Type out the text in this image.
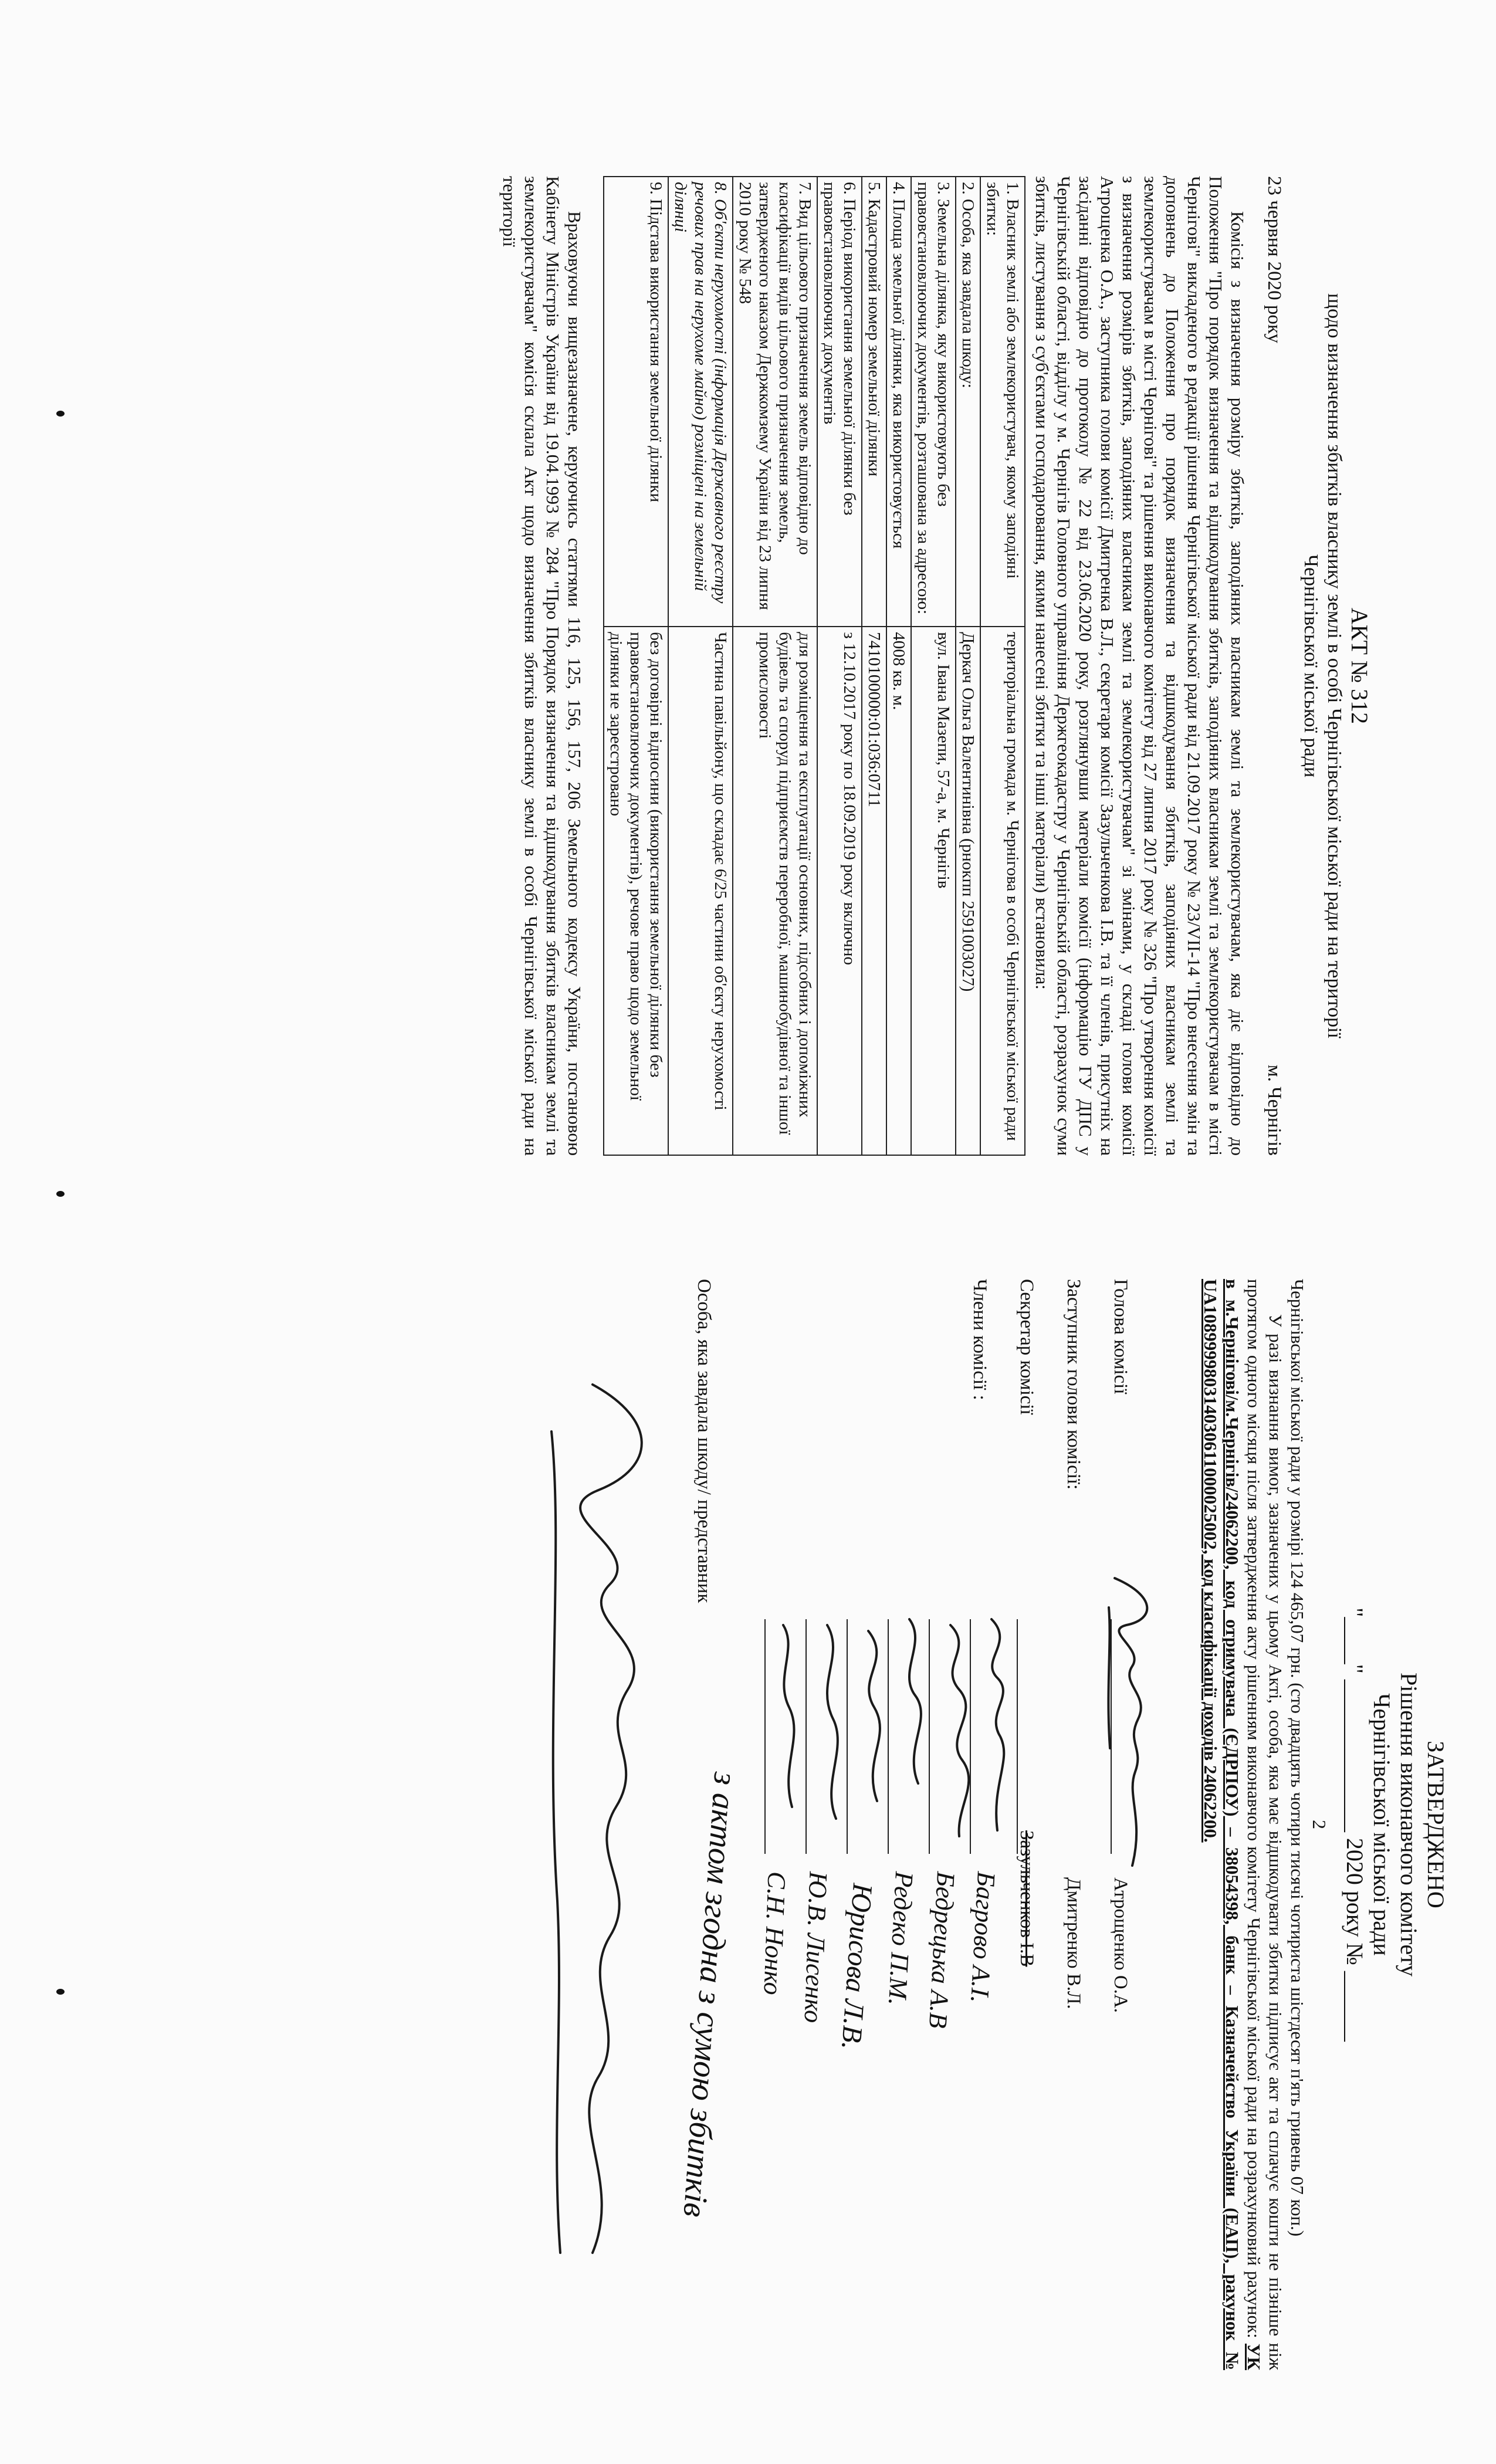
АКТ № 312
щодо визначення збитків власнику землі в особі Чернігівської міської ради на території
Чернігівської міської ради
23 червня 2020 року
м. Чернігів

Комісія з визначення розміру збитків, заподіяних власникам землі та землекористувачам, яка діє відповідно до Положення "Про порядок визначення та відшкодування збитків, заподіяних власникам землі та землекористувачам в місті Чернігові" викладеного в редакції рішення Чернігівської міської ради від 21.09.2017 року № 23/VII-14 "Про внесення змін та доповнень до Положення про порядок визначення та відшкодування збитків, заподіяних власникам землі та землекористувачам в місті Чернігові" та рішення виконавчого комітету від 27 липня 2017 року № 326 "Про утворення комісії з визначення розмірів збитків, заподіяних власникам землі та землекористувачам" зі змінами, у складі голови комісії Атрощенка О.А., заступника голови комісії Дмитренка В.Л., секретаря комісії Зазульченкова І.В. та її членів, присутніх на засіданні відповідно до протоколу № 22 від 23.06.2020 року, розглянувши матеріали комісії (інформацію ГУ ДПС у Чернігівській області, відділу у м. Чернігів Головного управління Держгеокадастру у Чернігівській області, розрахунок суми збитків, листування з суб'єктами господарювання, якими нанесені збитки та інші матеріали) встановила:

1. Власник землі або землекористувач, якому заподіяні збитки:	територіальна громада м. Чернігова в особі Чернігівської міської ради
2. Особа, яка завдала шкоду:	Деркач Ольга Валентинівна (рнокпп 2591003027)
3. Земельна ділянка, яку використовують без правовстановлюючих документів, розташована за адресою:	вул. Івана Мазепи, 57-а, м. Чернігів
4. Площа земельної ділянки, яка використовується	4008 кв. м.
5. Кадастровий номер земельної ділянки	7410100000:01:036:0711
6. Період використання земельної ділянки без правовстановлюючих документів	з 12.10.2017 року по 18.09.2019 року включно
7. Вид цільового призначення земель відповідно до класифікації видів цільового призначення земель, затвердженого наказом Держкомзему України від 23 липня 2010 року № 548	для розміщення та експлуатації основних, підсобних і допоміжних будівель та споруд підприємств переробної, машинобудівної та іншої промисловості
8. Об'єкти нерухомості (інформація Державного реєстру речових прав на нерухоме майно) розміщені на земельній ділянці	Частина павільйону, що складає 6/25 частини об'єкту нерухомості
9. Підстава використання земельної ділянки	без договірні відносини (використання земельної ділянки без правовстановлюючих документів), речове право щодо земельної ділянки не зареєстровано

Враховуючи вищезазначене, керуючись статтями 116, 125, 156, 157, 206 Земельного кодексу України, постановою Кабінету Міністрів України від 19.04.1993 № 284 "Про Порядок визначення та відшкодування збитків власникам землі та землекористувачам" комісія склала Акт щодо визначення збитків власнику землі в особі Чернігівської міської ради на території

ЗАТВЕРДЖЕНО
Рішення виконавчого комітету
Чернігівської міської ради
"____" _____________ 2020 року № ______
2

Чернігівської міської ради у розмірі 124 465,07 грн. (сто двадцять чотири тисячі чотириста шістдесят п'ять гривень 07 коп.)

У разі визнання вимог, зазначених у цьому Акті, особа, яка має відшкодувати збитки підписує акт та сплачує кошти не пізніше ніж протягом одного місяця після затвердження акту рішенням виконавчого комітету Чернігівської міської ради на розрахунковий рахунок: УК в м.Чернігові/м.Чернігів/24062200, код отримувача (ЄДРПОУ) – 38054398, банк – Казначейство України (ЕАП), рахунок № UA108999980314030611000025002, код класифікації доходів 24062200.

Голова комісії
Атрощенко О.А.
Заступник голови комісії:
Дмитренко В.Л.
Секретар комісії
Зазульченков І.В
Члени комісії :
Багрово А.І.
Бедрецька А.В
Редеко П.М.
Юрисова Л.В.
Ю.В. Лисенко
С.Н. Нонко
Особа, яка завдала шкоду/ представник
з актом згодна з сумою збитків
